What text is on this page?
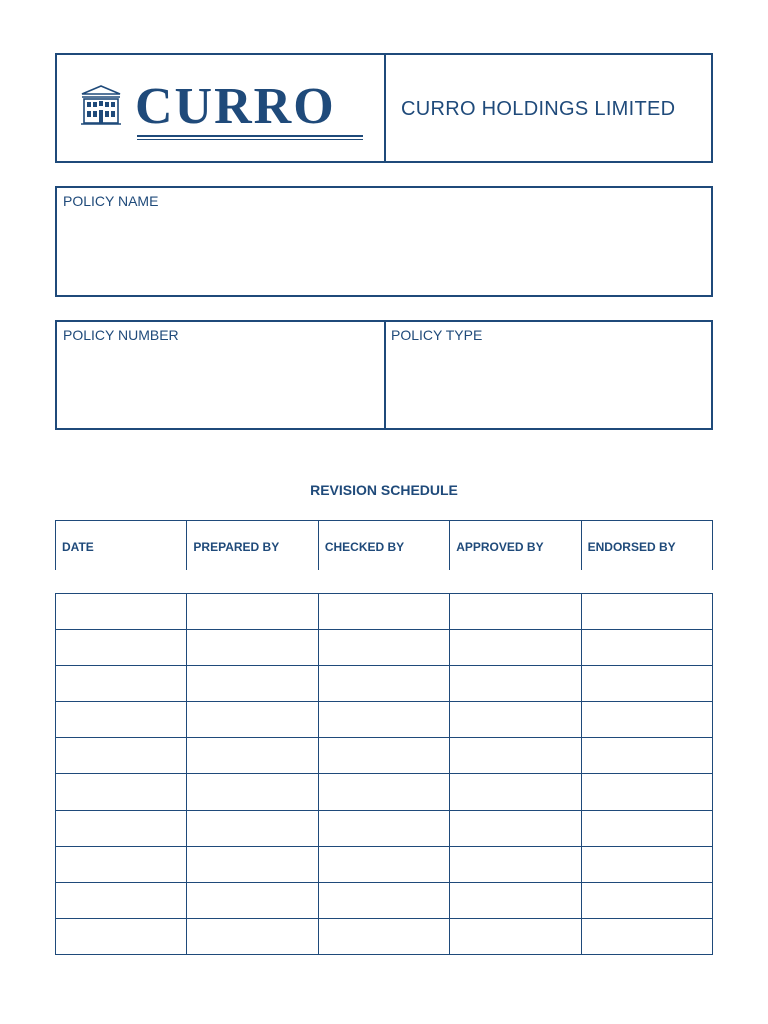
CURRO	CURRO HOLDINGS LIMITED
POLICY NAME
POLICY NUMBER	POLICY TYPE
REVISION SCHEDULE
DATE	PREPARED BY	CHECKED BY	APPROVED BY	ENDORSED BY
